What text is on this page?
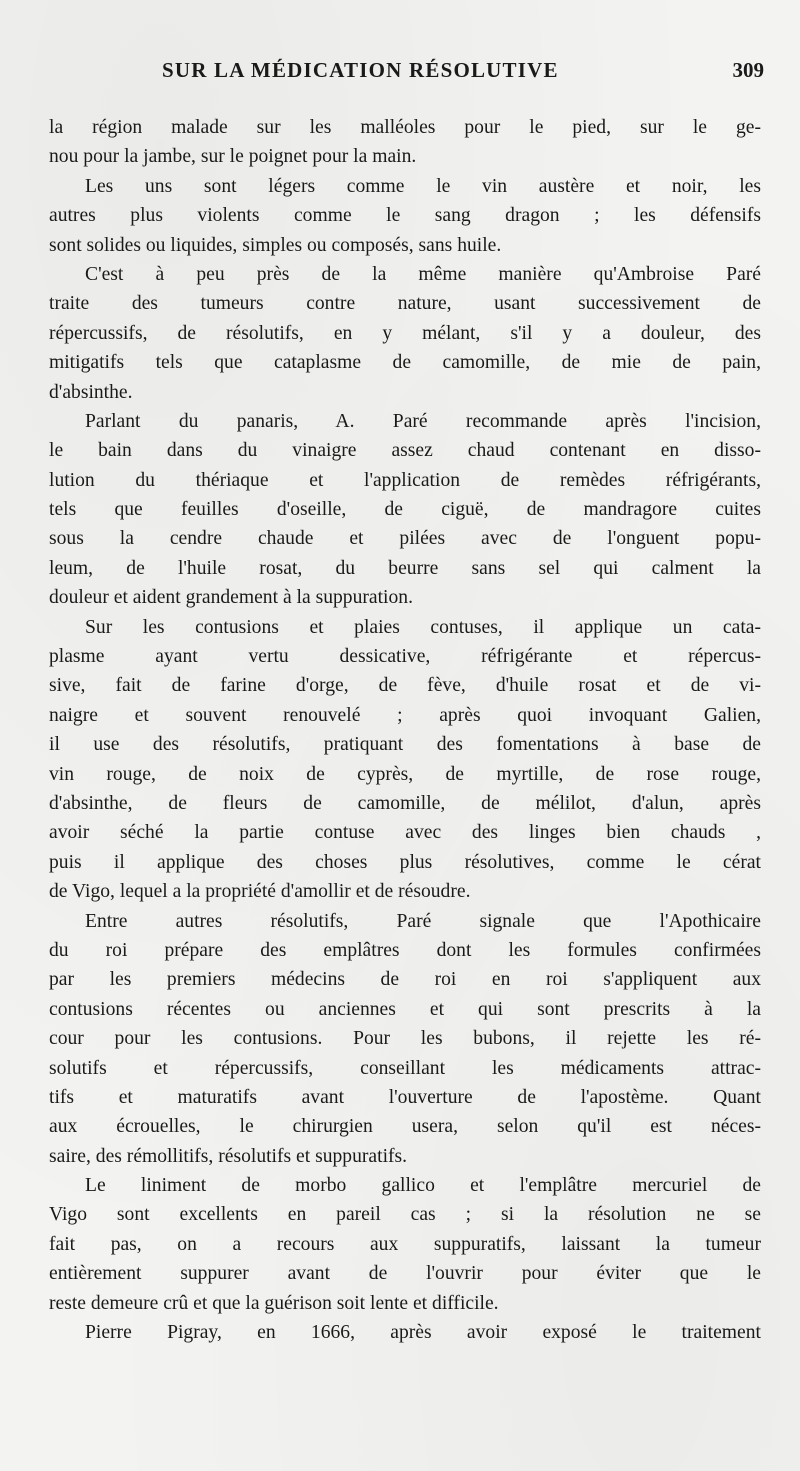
SUR LA MÉDICATION RÉSOLUTIVE	309
la région malade sur les malléoles pour le pied, sur le ge-
nou pour la jambe, sur le poignet pour la main.
Les uns sont légers comme le vin austère et noir, les
autres plus violents comme le sang dragon ; les défensifs
sont solides ou liquides, simples ou composés, sans huile.
C'est à peu près de la même manière qu'Ambroise Paré
traite des tumeurs contre nature, usant successivement de
répercussifs, de résolutifs, en y mélant, s'il y a douleur, des
mitigatifs tels que cataplasme de camomille, de mie de pain,
d'absinthe.
Parlant du panaris, A. Paré recommande après l'incision,
le bain dans du vinaigre assez chaud contenant en disso-
lution du thériaque et l'application de remèdes réfrigérants,
tels que feuilles d'oseille, de ciguë, de mandragore cuites
sous la cendre chaude et pilées avec de l'onguent popu-
leum, de l'huile rosat, du beurre sans sel qui calment la
douleur et aident grandement à la suppuration.
Sur les contusions et plaies contuses, il applique un cata-
plasme ayant vertu dessicative, réfrigérante et répercus-
sive, fait de farine d'orge, de fève, d'huile rosat et de vi-
naigre et souvent renouvelé ; après quoi invoquant Galien,
il use des résolutifs, pratiquant des fomentations à base de
vin rouge, de noix de cyprès, de myrtille, de rose rouge,
d'absinthe, de fleurs de camomille, de mélilot, d'alun, après
avoir séché la partie contuse avec des linges bien chauds ,
puis il applique des choses plus résolutives, comme le cérat
de Vigo, lequel a la propriété d'amollir et de résoudre.
Entre autres résolutifs, Paré signale que l'Apothicaire
du roi prépare des emplâtres dont les formules confirmées
par les premiers médecins de roi en roi s'appliquent aux
contusions récentes ou anciennes et qui sont prescrits à la
cour pour les contusions. Pour les bubons, il rejette les ré-
solutifs et répercussifs, conseillant les médicaments attrac-
tifs et maturatifs avant l'ouverture de l'apostème. Quant
aux écrouelles, le chirurgien usera, selon qu'il est néces-
saire, des rémollitifs, résolutifs et suppuratifs.
Le liniment de morbo gallico et l'emplâtre mercuriel de
Vigo sont excellents en pareil cas ; si la résolution ne se
fait pas, on a recours aux suppuratifs, laissant la tumeur
entièrement suppurer avant de l'ouvrir pour éviter que le
reste demeure crû et que la guérison soit lente et difficile.
Pierre Pigray, en 1666, après avoir exposé le traitement
